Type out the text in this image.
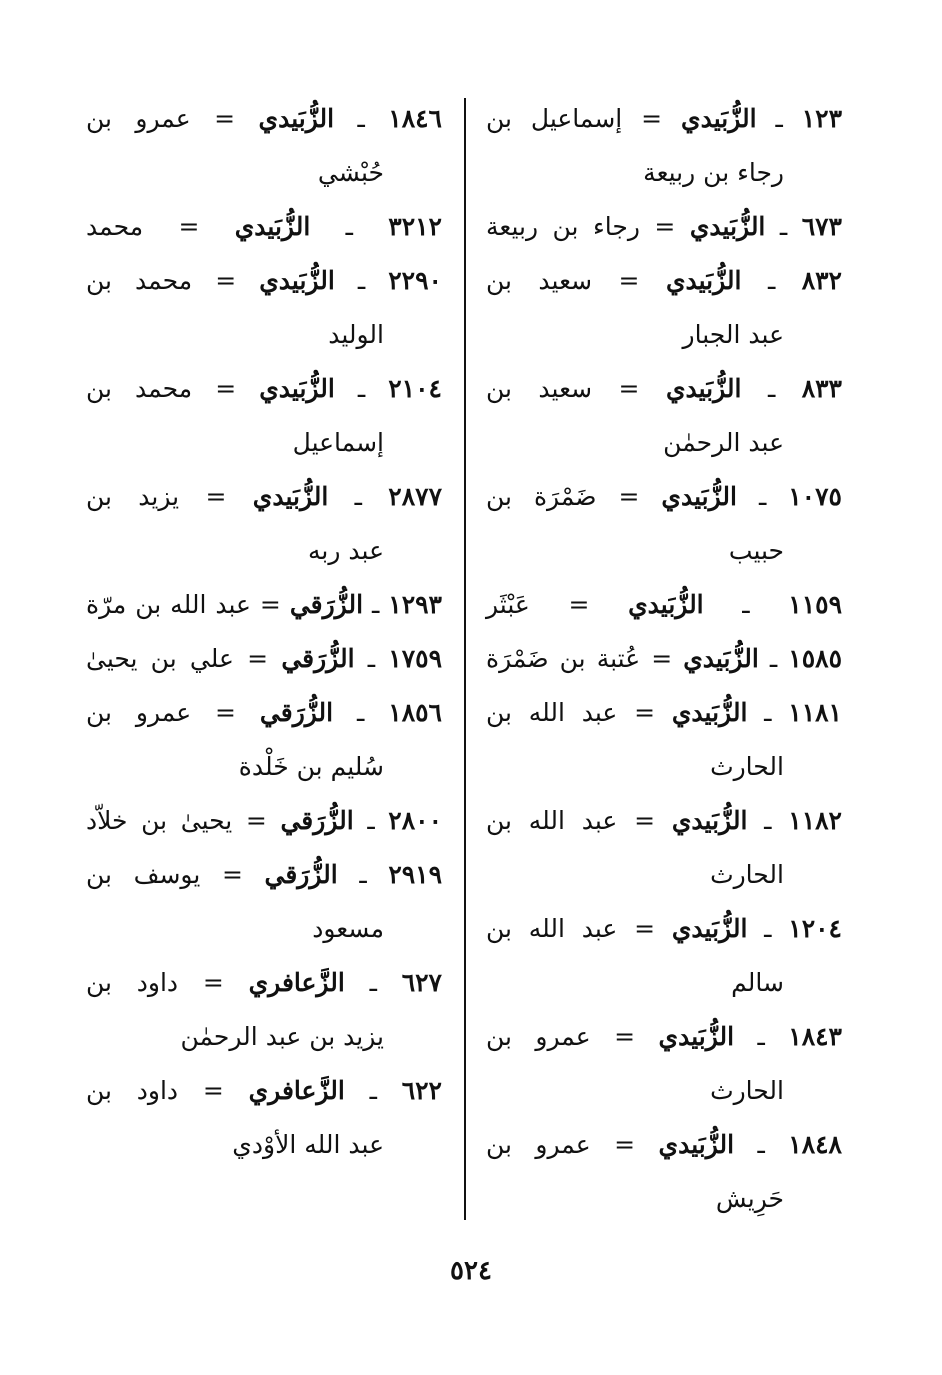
١٢٣ ـ الزُّبَيدي = إسماعيل بن
رجاء بن ربيعة
٦٧٣ ـ الزُّبَيدي = رجاء بن ربيعة
٨٣٢ ـ الزُّبَيدي = سعيد بن
عبد الجبار
٨٣٣ ـ الزُّبَيدي = سعيد بن
عبد الرحمٰن
١٠٧٥ ـ الزُّبَيدي = ضَمْرَة بن
حبيب
١١٥٩ ـ الزُّبَيدي = عَبْثَر
١٥٨٥ ـ الزُّبَيدي = عُتبة بن ضَمْرَة
١١٨١ ـ الزُّبَيدي = عبد الله بن
الحارث
١١٨٢ ـ الزُّبَيدي = عبد الله بن
الحارث
١٢٠٤ ـ الزُّبَيدي = عبد الله بن
سالم
١٨٤٣ ـ الزُّبَيدي = عمرو بن
الحارث
١٨٤٨ ـ الزُّبَيدي = عمرو بن
حَرِيش
١٨٤٦ ـ الزُّبَيدي = عمرو بن
حُبْشي
٣٢١٢ ـ الزُّبَيدي = محمد
٢٢٩٠ ـ الزُّبَيدي = محمد بن
الوليد
٢١٠٤ ـ الزُّبَيدي = محمد بن
إسماعيل
٢٨٧٧ ـ الزُّبَيدي = يزيد بن
عبد ربه
١٢٩٣ ـ الزُّرَقي = عبد الله بن مرّة
١٧٥٩ ـ الزُّرَقي = علي بن يحيىٰ
١٨٥٦ ـ الزُّرَقي = عمرو بن
سُليم بن خَلْدة
٢٨٠٠ ـ الزُّرَقي = يحيىٰ بن خلاّد
٢٩١٩ ـ الزُّرَقي = يوسف بن
مسعود
٦٢٧ ـ الزَّعافري = داود بن
يزيد بن عبد الرحمٰن
٦٢٢ ـ الزَّعافري = داود بن
عبد الله الأوْدي
٥٢٤
